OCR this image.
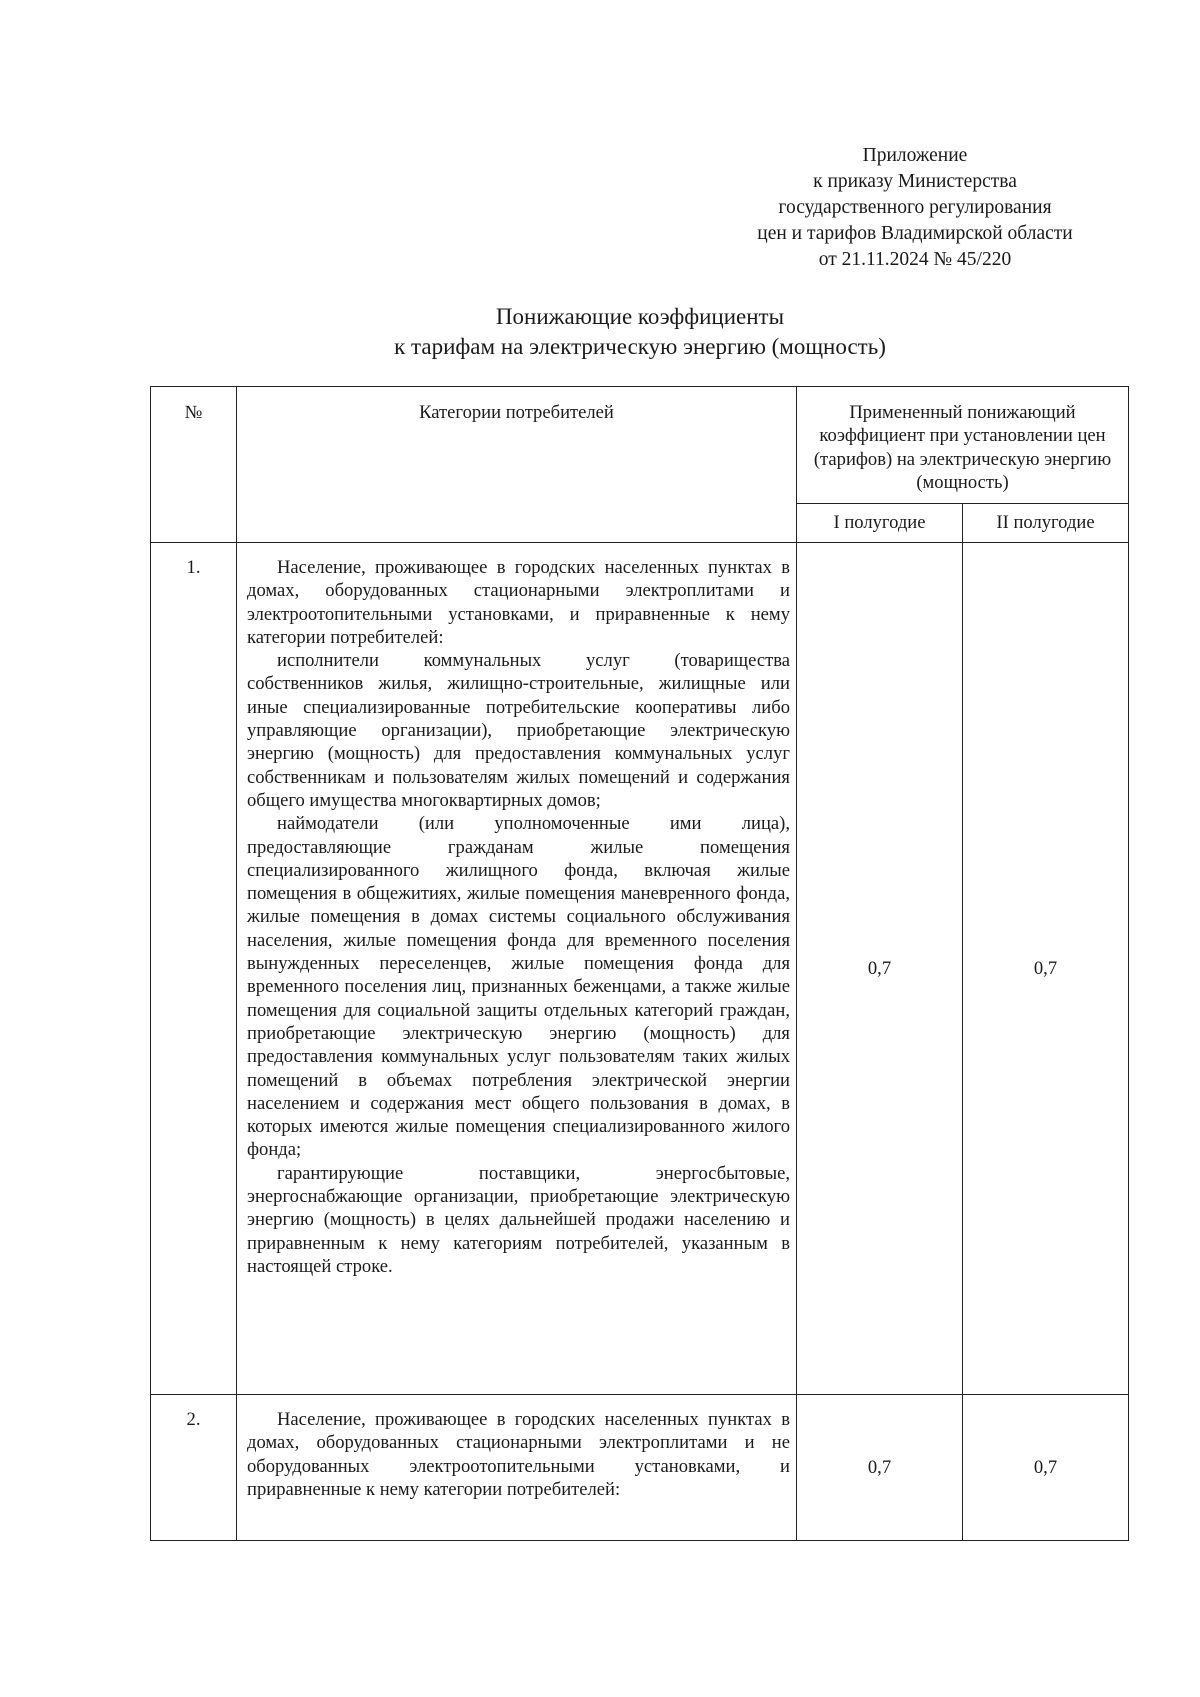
Приложение
к приказу Министерства
государственного регулирования
цен и тарифов Владимирской области
от 21.11.2024 № 45/220
Понижающие коэффициенты
к тарифам на электрическую энергию (мощность)
№	Категории потребителей	Примененный понижающий коэффициент при установлении цен (тарифов) на электрическую энергию (мощность)	
		I полугодие	II полугодие
1.	Население, проживающее в городских населенных пунктах в домах, оборудованных стационарными электроплитами и электроотопительными установками, и приравненные к нему категории потребителей:

исполнители коммунальных услуг (товарищества собственников жилья, жилищно-строительные, жилищные или иные специализированные потребительские кооперативы либо управляющие организации), приобретающие электрическую энергию (мощность) для предоставления коммунальных услуг собственникам и пользователям жилых помещений и содержания общего имущества многоквартирных домов;

наймодатели (или уполномоченные ими лица), предоставляющие гражданам жилые помещения специализированного жилищного фонда, включая жилые помещения в общежитиях, жилые помещения маневренного фонда, жилые помещения в домах системы социального обслуживания населения, жилые помещения фонда для временного поселения вынужденных переселенцев, жилые помещения фонда для временного поселения лиц, признанных беженцами, а также жилые помещения для социальной защиты отдельных категорий граждан, приобретающие электрическую энергию (мощность) для предоставления коммунальных услуг пользователям таких жилых помещений в объемах потребления электрической энергии населением и содержания мест общего пользования в домах, в которых имеются жилые помещения специализированного жилого фонда;

гарантирующие поставщики, энергосбытовые, энергоснабжающие организации, приобретающие электрическую энергию (мощность) в целях дальнейшей продажи населению и приравненным к нему категориям потребителей, указанным в настоящей строке.	0,7	0,7
2.	Население, проживающее в городских населенных пунктах в домах, оборудованных стационарными электроплитами и не оборудованных электроотопительными установками, и приравненные к нему категории потребителей:	0,7	0,7
